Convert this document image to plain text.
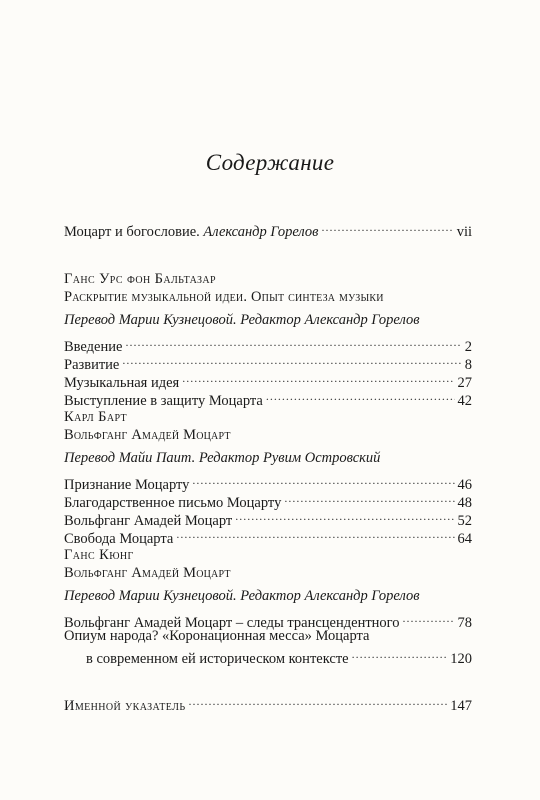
Содержание
Моцарт и богословие. Александр Горелов .....	vii
Ганс Урс фон Бальтазар
Раскрытие музыкальной идеи. Опыт синтеза музыки
Перевод Марии Кузнецовой. Редактор Александр Горелов
Введение .....	2
Развитие .....	8
Музыкальная идея .....	27
Выступление в защиту Моцарта .....	42
Карл Барт
Вольфганг Амадей Моцарт
Перевод Майи Паит. Редактор Рувим Островский
Признание Моцарту .....	46
Благодарственное письмо Моцарту .....	48
Вольфганг Амадей Моцарт .....	52
Свобода Моцарта .....	64
Ганс Кюнг
Вольфганг Амадей Моцарт
Перевод Марии Кузнецовой. Редактор Александр Горелов
Вольфганг Амадей Моцарт – следы трансцендентного .....	78
Опиум народа? «Коронационная месса» Моцарта
в современном ей историческом контексте .....	120
Именной указатель .....	147
